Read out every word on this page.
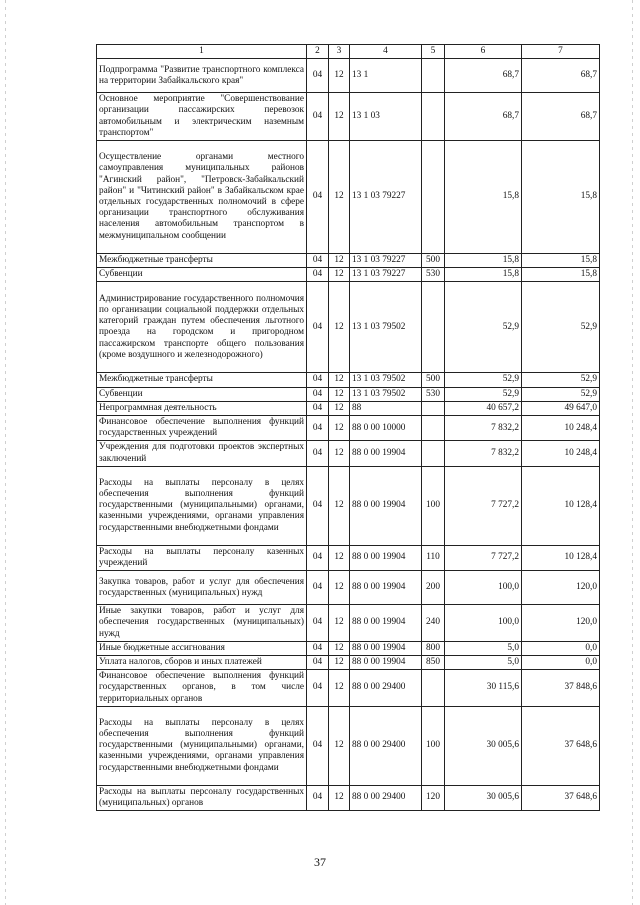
1	2	3	4	5	6	7
Подпрограмма "Развитие транспортного комплекса на территории Забайкальского края"	04	12	13 1		68,7	68,7
Основное мероприятие "Совершенствование организации пассажирских перевозок автомобильным и электрическим наземным транспортом"	04	12	13 1 03		68,7	68,7
Осуществление органами местного самоуправления муниципальных районов "Агинский район", "Петровск-Забайкальский район" и "Читинский район" в Забайкальском крае отдельных государственных полномочий в сфере организации транспортного обслуживания населения автомобильным транспортом в межмуниципальном сообщении	04	12	13 1 03 79227		15,8	15,8
Межбюджетные трансферты	04	12	13 1 03 79227	500	15,8	15,8
Субвенции	04	12	13 1 03 79227	530	15,8	15,8
Администрирование государственного полномочия по организации социальной поддержки отдельных категорий граждан путем обеспечения льготного проезда на городском и пригородном пассажирском транспорте общего пользования (кроме воздушного и железнодорожного)	04	12	13 1 03 79502		52,9	52,9
Межбюджетные трансферты	04	12	13 1 03 79502	500	52,9	52,9
Субвенции	04	12	13 1 03 79502	530	52,9	52,9
Непрограммная деятельность	04	12	88		40 657,2	49 647,0
Финансовое обеспечение выполнения функций государственных учреждений	04	12	88 0 00 10000		7 832,2	10 248,4
Учреждения для подготовки проектов экспертных заключений	04	12	88 0 00 19904		7 832,2	10 248,4
Расходы на выплаты персоналу в целях обеспечения выполнения функций государственными (муниципальными) органами, казенными учреждениями, органами управления государственными внебюджетными фондами	04	12	88 0 00 19904	100	7 727,2	10 128,4
Расходы на выплаты персоналу казенных учреждений	04	12	88 0 00 19904	110	7 727,2	10 128,4
Закупка товаров, работ и услуг для обеспечения государственных (муниципальных) нужд	04	12	88 0 00 19904	200	100,0	120,0
Иные закупки товаров, работ и услуг для обеспечения государственных (муниципальных) нужд	04	12	88 0 00 19904	240	100,0	120,0
Иные бюджетные ассигнования	04	12	88 0 00 19904	800	5,0	0,0
Уплата налогов, сборов и иных платежей	04	12	88 0 00 19904	850	5,0	0,0
Финансовое обеспечение выполнения функций государственных органов, в том числе территориальных органов	04	12	88 0 00 29400		30 115,6	37 848,6
Расходы на выплаты персоналу в целях обеспечения выполнения функций государственными (муниципальными) органами, казенными учреждениями, органами управления государственными внебюджетными фондами	04	12	88 0 00 29400	100	30 005,6	37 648,6
Расходы на выплаты персоналу государственных (муниципальных) органов	04	12	88 0 00 29400	120	30 005,6	37 648,6
37
